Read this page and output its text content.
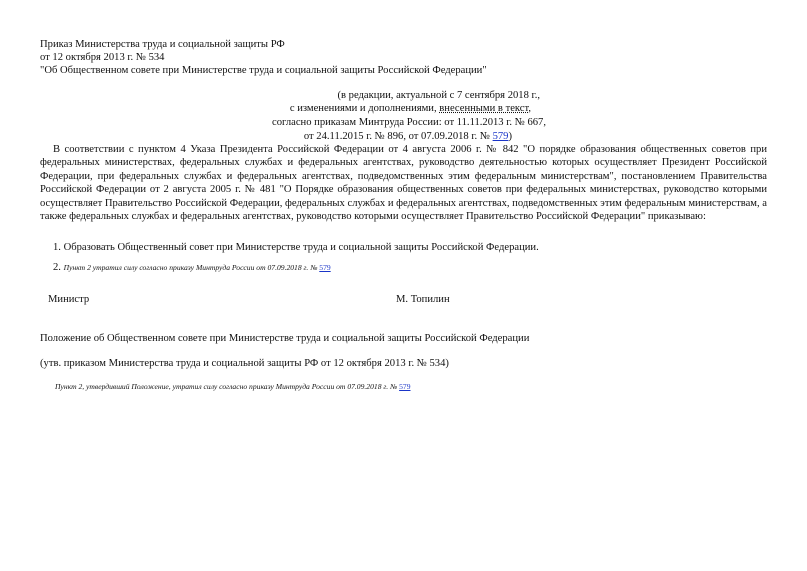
Приказ Министерства труда и социальной защиты РФ
от 12 октября 2013 г. № 534
"Об Общественном совете при Министерстве труда и социальной защиты Российской Федерации"
(в редакции, актуальной с 7 сентября 2018 г.,
с изменениями и дополнениями, внесенными в текст,
согласно приказам Минтруда России: от 11.11.2013 г. № 667,
от 24.11.2015 г. № 896, от 07.09.2018 г. № 579)
В соответствии с пунктом 4 Указа Президента Российской Федерации от 4 августа 2006 г. № 842 "О порядке образования общественных советов при федеральных министерствах, федеральных службах и федеральных агентствах, руководство деятельностью которых осуществляет Президент Российской Федерации, при федеральных службах и федеральных агентствах, подведомственных этим федеральным министерствам", постановлением Правительства Российской Федерации от 2 августа 2005 г. № 481 "О Порядке образования общественных советов при федеральных министерствах, руководство которыми осуществляет Правительство Российской Федерации, федеральных службах и федеральных агентствах, подведомственных этим федеральным министерствам, а также федеральных службах и федеральных агентствах, руководство которыми осуществляет Правительство Российской Федерации" приказываю:
1. Образовать Общественный совет при Министерстве труда и социальной защиты Российской Федерации.
2. Пункт 2 утратил силу согласно приказу Минтруда России от 07.09.2018 г. № 579
Министр	М. Топилин
Положение об Общественном совете при Министерстве труда и социальной защиты Российской Федерации
(утв. приказом Министерства труда и социальной защиты РФ от 12 октября 2013 г. № 534)
Пункт 2, утвердивший Положение, утратил силу согласно приказу Минтруда России от 07.09.2018 г. № 579
